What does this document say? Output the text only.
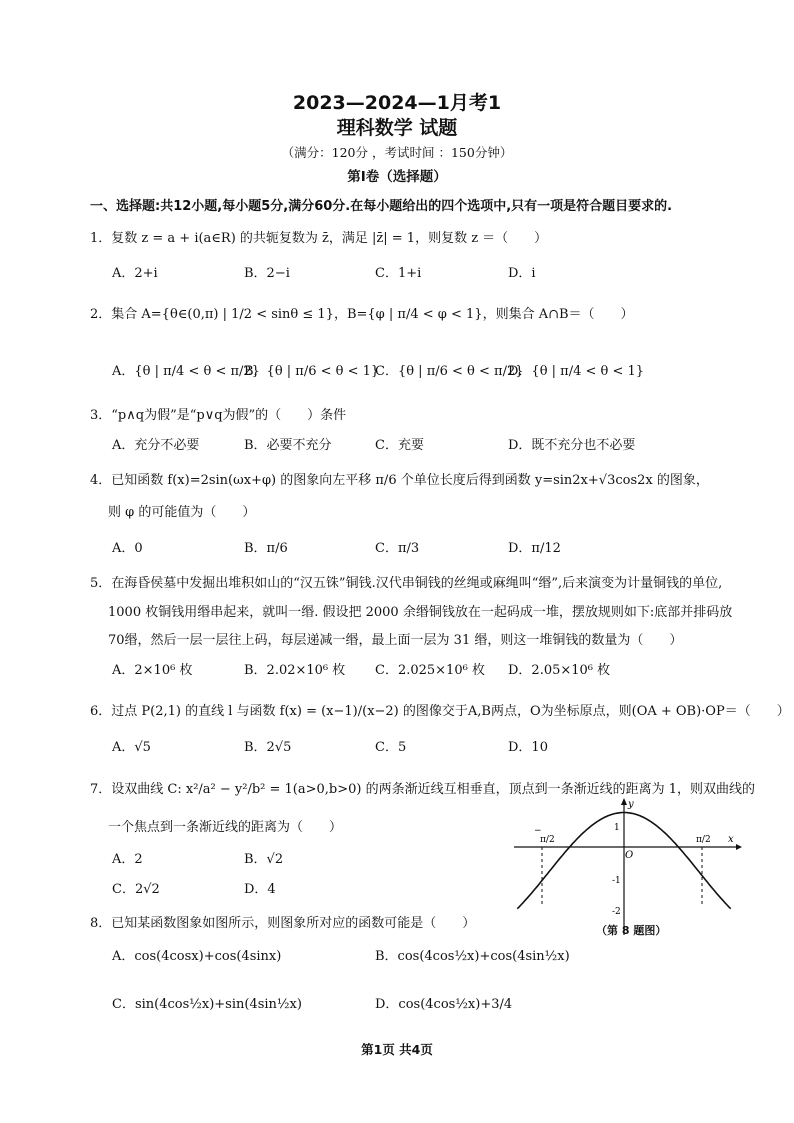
2023—2024—1月考1
理科数学 试题
（满分：120分 ，考试时间 ：150分钟）
第Ⅰ卷（选择题）
一、选择题:共12小题,每小题5分,满分60分.在每小题给出的四个选项中,只有一项是符合题目要求的.
1．复数 z = a + i(a∈R) 的共轭复数为 z̄，满足 |z̄| = 1，则复数 z ＝（　　）
A．2+i	B．2−i	C．1+i	D．i
2．集合 A={θ∈(0,π) | 1/2 < sinθ ≤ 1}，B={φ | π/4 < φ < 1}，则集合 A∩B＝（　　）
A．{θ | π/4 < θ < π/2}
B．{θ | π/6 < θ < 1}
C．{θ | π/6 < θ < π/2}
D．{θ | π/4 < θ < 1}
3．“p∧q为假”是“p∨q为假”的（　　）条件
A．充分不必要	B．必要不充分	C．充要	D．既不充分也不必要
4．已知函数 f(x)=2sin(ωx+φ) 的图象向左平移 π/6 个单位长度后得到函数 y=sin2x+√3cos2x 的图象，
则 φ 的可能值为（　　）
A．0	B．π/6	C．π/3	D．π/12
5．在海昏侯墓中发掘出堆积如山的“汉五铢”铜钱.汉代串铜钱的丝绳或麻绳叫“缗”,后来演变为计量铜钱的单位,
1000 枚铜钱用缗串起来，就叫一缗. 假设把 2000 余缗铜钱放在一起码成一堆，摆放规则如下:底部并排码放
70缗，然后一层一层往上码，每层递减一缗，最上面一层为 31 缗，则这一堆铜钱的数量为（　　）
A．2×10⁶ 枚	B．2.02×10⁶ 枚 C．2.025×10⁶ 枚 D．2.05×10⁶ 枚
6．过点 P(2,1) 的直线 l 与函数 f(x) = (x−1)/(x−2) 的图像交于A,B两点，O为坐标原点，则(OA + OB)·OP＝（　　）
A．√5	B．2√5	C．5	D．10
7．设双曲线 C: x²/a² − y²/b² = 1(a>0,b>0) 的两条渐近线互相垂直，顶点到一条渐近线的距离为 1，则双曲线的
一个焦点到一条渐近线的距离为（　　）
A．2	B．√2
C．2√2	D．4
−
π/2	π/2
y
x
O
1
-1
-2
（第 8 题图）
8．已知某函数图象如图所示，则图象所对应的函数可能是（　　）
A．cos(4cosx)+cos(4sinx)	B．cos(4cos½x)+cos(4sin½x)
C．sin(4cos½x)+sin(4sin½x)	D．cos(4cos½x)+3/4
第1页 共4页
